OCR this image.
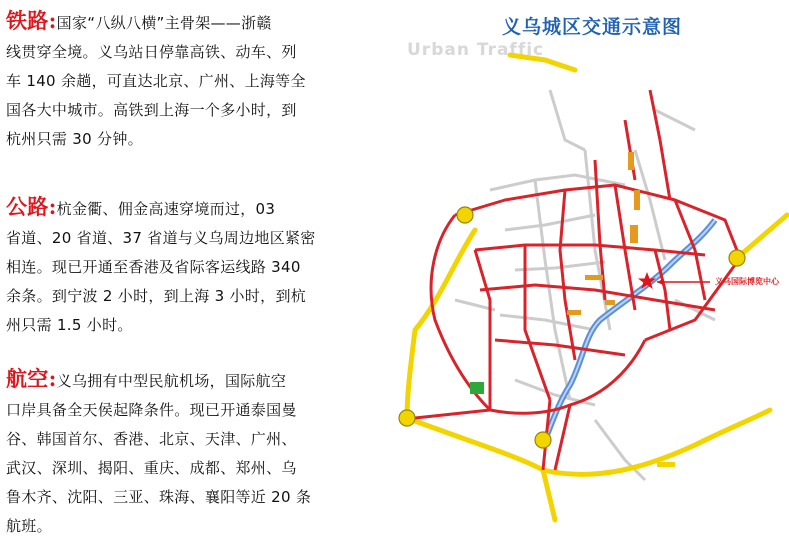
铁路:国家“八纵八横”主骨架——浙赣
线贯穿全境。义乌站日停靠高铁、动车、列
车 140 余趟，可直达北京、广州、上海等全
国各大中城市。高铁到上海一个多小时，到
杭州只需 30 分钟。
公路:杭金衢、佣金高速穿境而过，03
省道、20 省道、37 省道与义乌周边地区紧密
相连。现已开通至香港及省际客运线路 340
余条。到宁波 2 小时，到上海 3 小时，到杭
州只需 1.5 小时。
航空:义乌拥有中型民航机场，国际航空
口岸具备全天侯起降条件。现已开通泰国曼
谷、韩国首尔、香港、北京、天津、广州、
武汉、深圳、揭阳、重庆、成都、郑州、乌
鲁木齐、沈阳、三亚、珠海、襄阳等近 20 条
航班。
义乌城区交通示意图
Urban Traffic
义乌国际博览中心
